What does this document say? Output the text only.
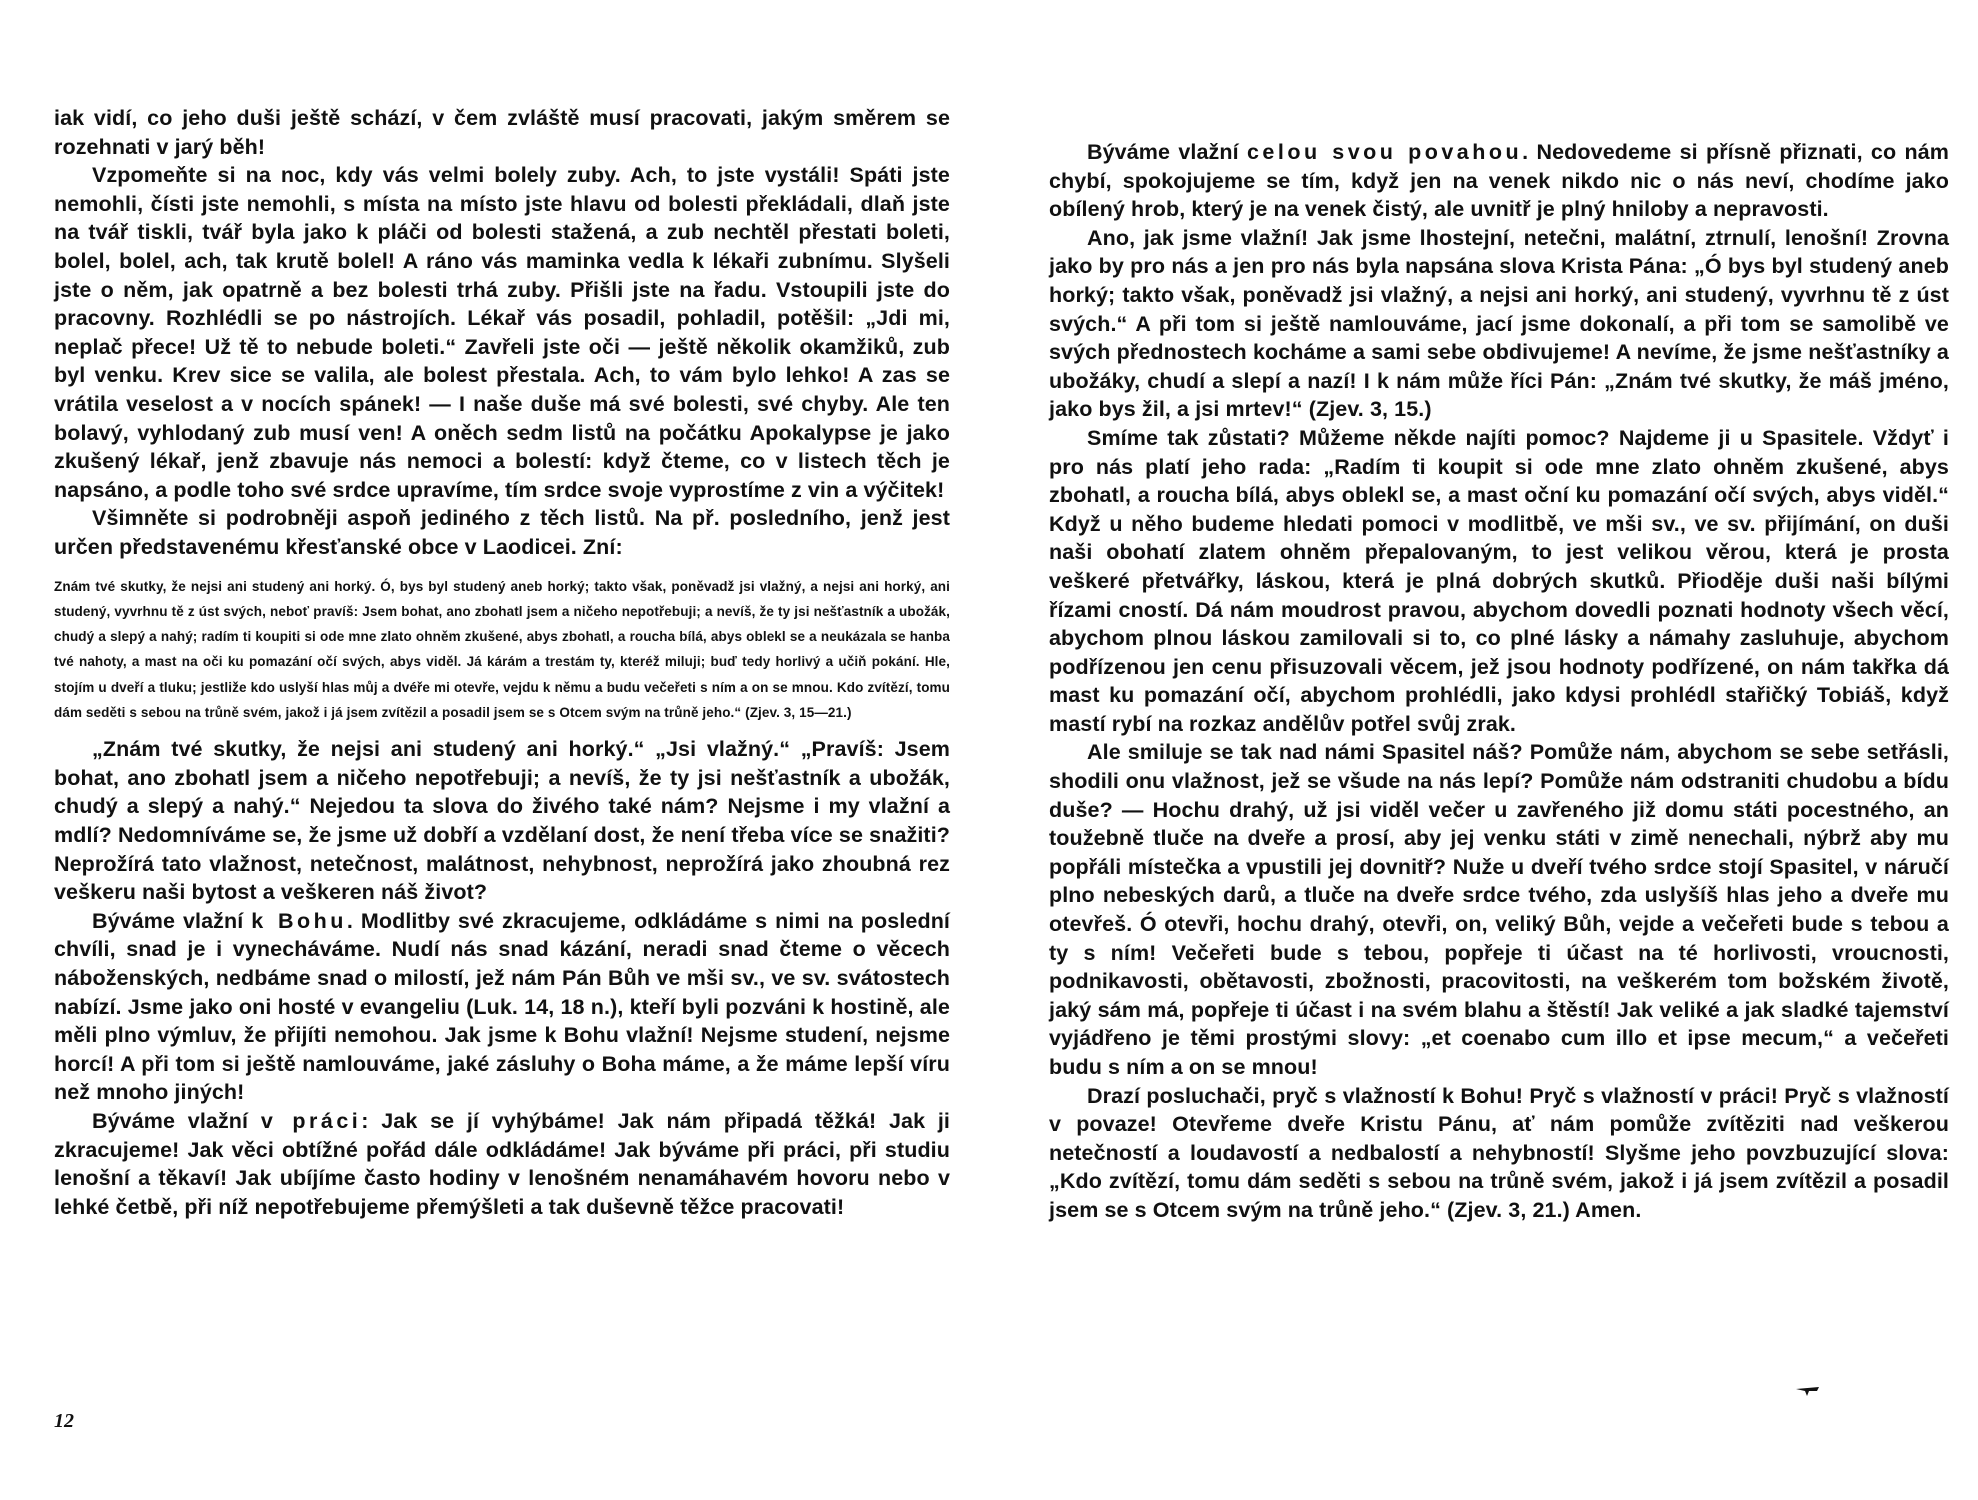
iak vidí, co jeho duši ještě schází, v čem zvláště musí pracovati, jakým směrem se rozehnati v jarý běh!

Vzpomeňte si na noc, kdy vás velmi bolely zuby. Ach, to jste vystáli! Spáti jste nemohli, čísti jste nemohli, s místa na místo jste hlavu od bolesti překládali, dlaň jste na tvář tiskli, tvář byla jako k pláči od bolesti stažená, a zub nechtěl přestati boleti, bolel, bolel, ach, tak krutě bolel! A ráno vás maminka vedla k lékaři zubnímu. Slyšeli jste o něm, jak opatrně a bez bolesti trhá zuby. Přišli jste na řadu. Vstoupili jste do pracovny. Rozhlédli se po nástrojích. Lékař vás posadil, pohladil, potěšil: „Jdi mi, neplač přece! Už tě to nebude boleti.“ Zavřeli jste oči — ještě několik okamžiků, zub byl venku. Krev sice se valila, ale bolest přestala. Ach, to vám bylo lehko! A zas se vrátila veselost a v nocích spánek! — I naše duše má své bolesti, své chyby. Ale ten bolavý, vyhlodaný zub musí ven! A oněch sedm listů na počátku Apokalypse je jako zkušený lékař, jenž zbavuje nás nemoci a bolestí: když čteme, co v listech těch je napsáno, a podle toho své srdce upravíme, tím srdce svoje vyprostíme z vin a výčitek!

Všimněte si podrobněji aspoň jediného z těch listů. Na př. posledního, jenž jest určen představenému křesťanské obce v Laodicei. Zní:

Znám tvé skutky, že nejsi ani studený ani horký. Ó, bys byl studený aneb horký; takto však, poněvadž jsi vlažný, a nejsi ani horký, ani studený, vyvrhnu tě z úst svých, neboť pravíš: Jsem bohat, ano zbohatl jsem a ničeho nepotřebuji; a nevíš, že ty jsi nešťastník a ubožák, chudý a slepý a nahý; radím ti koupiti si ode mne zlato ohněm zkušené, abys zbohatl, a roucha bílá, abys oblekl se a neukázala se hanba tvé nahoty, a mast na oči ku pomazání očí svých, abys viděl. Já kárám a trestám ty, kteréž miluji; buď tedy horlivý a učiň pokání. Hle, stojím u dveří a tluku; jestliže kdo uslyší hlas můj a dvéře mi otevře, vejdu k němu a budu večeřeti s ním a on se mnou. Kdo zvítězí, tomu dám seděti s sebou na trůně svém, jakož i já jsem zvítězil a posadil jsem se s Otcem svým na trůně jeho.“ (Zjev. 3, 15—21.)

„Znám tvé skutky, že nejsi ani studený ani horký.“ „Jsi vlažný.“ „Pravíš: Jsem bohat, ano zbohatl jsem a ničeho nepotřebuji; a nevíš, že ty jsi nešťastník a ubožák, chudý a slepý a nahý.“ Nejedou ta slova do živého také nám? Nejsme i my vlažní a mdlí? Nedomníváme se, že jsme už dobří a vzdělaní dost, že není třeba více se snažiti? Neprožírá tato vlažnost, netečnost, malátnost, nehybnost, neprožírá jako zhoubná rez veškeru naši bytost a veškeren náš život?

Býváme vlažní k Bohu. Modlitby své zkracujeme, odkládáme s nimi na poslední chvíli, snad je i vynecháváme. Nudí nás snad kázání, neradi snad čteme o věcech náboženských, nedbáme snad o milostí, jež nám Pán Bůh ve mši sv., ve sv. svátostech nabízí. Jsme jako oni hosté v evangeliu (Luk. 14, 18 n.), kteří byli pozváni k hostině, ale měli plno výmluv, že přijíti nemohou. Jak jsme k Bohu vlažní! Nejsme studení, nejsme horcí! A při tom si ještě namlouváme, jaké zásluhy o Boha máme, a že máme lepší víru než mnoho jiných!

Býváme vlažní v práci: Jak se jí vyhýbáme! Jak nám připadá těžká! Jak ji zkracujeme! Jak věci obtížné pořád dále odkládáme! Jak býváme při práci, při studiu lenošní a těkaví! Jak ubíjíme často hodiny v lenošném nenamáhavém hovoru nebo v lehké četbě, při níž nepotřebujeme přemýšleti a tak duševně těžce pracovati!

12

Býváme vlažní celou svou povahou. Nedovedeme si přísně přiznati, co nám chybí, spokojujeme se tím, když jen na venek nikdo nic o nás neví, chodíme jako obílený hrob, který je na venek čistý, ale uvnitř je plný hniloby a nepravosti.

Ano, jak jsme vlažní! Jak jsme lhostejní, netečni, malátní, ztrnulí, lenošní! Zrovna jako by pro nás a jen pro nás byla napsána slova Krista Pána: „Ó bys byl studený aneb horký; takto však, poněvadž jsi vlažný, a nejsi ani horký, ani studený, vyvrhnu tě z úst svých.“ A při tom si ještě namlouváme, jací jsme dokonalí, a při tom se samolibě ve svých přednostech kocháme a sami sebe obdivujeme! A nevíme, že jsme nešťastníky a ubožáky, chudí a slepí a nazí! I k nám může říci Pán: „Znám tvé skutky, že máš jméno, jako bys žil, a jsi mrtev!“ (Zjev. 3, 15.)

Smíme tak zůstati? Můžeme někde najíti pomoc? Najdeme ji u Spasitele. Vždyť i pro nás platí jeho rada: „Radím ti koupit si ode mne zlato ohněm zkušené, abys zbohatl, a roucha bílá, abys oblekl se, a mast oční ku pomazání očí svých, abys viděl.“ Když u něho budeme hledati pomoci v modlitbě, ve mši sv., ve sv. přijímání, on duši naši obohatí zlatem ohněm přepalovaným, to jest velikou věrou, která je prosta veškeré přetvářky, láskou, která je plná dobrých skutků. Přioděje duši naši bílými řízami cností. Dá nám moudrost pravou, abychom dovedli poznati hodnoty všech věcí, abychom plnou láskou zamilovali si to, co plné lásky a námahy zasluhuje, abychom podřízenou jen cenu přisuzovali věcem, jež jsou hodnoty podřízené, on nám takřka dá mast ku pomazání očí, abychom prohlédli, jako kdysi prohlédl stařičký Tobiáš, když mastí rybí na rozkaz andělův potřel svůj zrak.

Ale smiluje se tak nad námi Spasitel náš? Pomůže nám, abychom se sebe setřásli, shodili onu vlažnost, jež se všude na nás lepí? Pomůže nám odstraniti chudobu a bídu duše? — Hochu drahý, už jsi viděl večer u zavřeného již domu státi pocestného, an toužebně tluče na dveře a prosí, aby jej venku státi v zimě nenechali, nýbrž aby mu popřáli místečka a vpustili jej dovnitř? Nuže u dveří tvého srdce stojí Spasitel, v náručí plno nebeských darů, a tluče na dveře srdce tvého, zda uslyšíš hlas jeho a dveře mu otevřeš. Ó otevři, hochu drahý, otevři, on, veliký Bůh, vejde a večeřeti bude s tebou a ty s ním! Večeřeti bude s tebou, popřeje ti účast na té horlivosti, vroucnosti, podnikavosti, obětavosti, zbožnosti, pracovitosti, na veškerém tom božském životě, jaký sám má, popřeje ti účast i na svém blahu a štěstí! Jak veliké a jak sladké tajemství vyjádřeno je těmi prostými slovy: „et coenabo cum illo et ipse mecum,“ a večeřeti budu s ním a on se mnou!

Drazí posluchači, pryč s vlažností k Bohu! Pryč s vlažností v práci! Pryč s vlažností v povaze! Otevřeme dveře Kristu Pánu, ať nám pomůže zvítěziti nad veškerou netečností a loudavostí a nedbalostí a nehybností! Slyšme jeho povzbuzující slova: „Kdo zvítězí, tomu dám seděti s sebou na trůně svém, jakož i já jsem zvítězil a posadil jsem se s Otcem svým na trůně jeho.“ (Zjev. 3, 21.) Amen.
